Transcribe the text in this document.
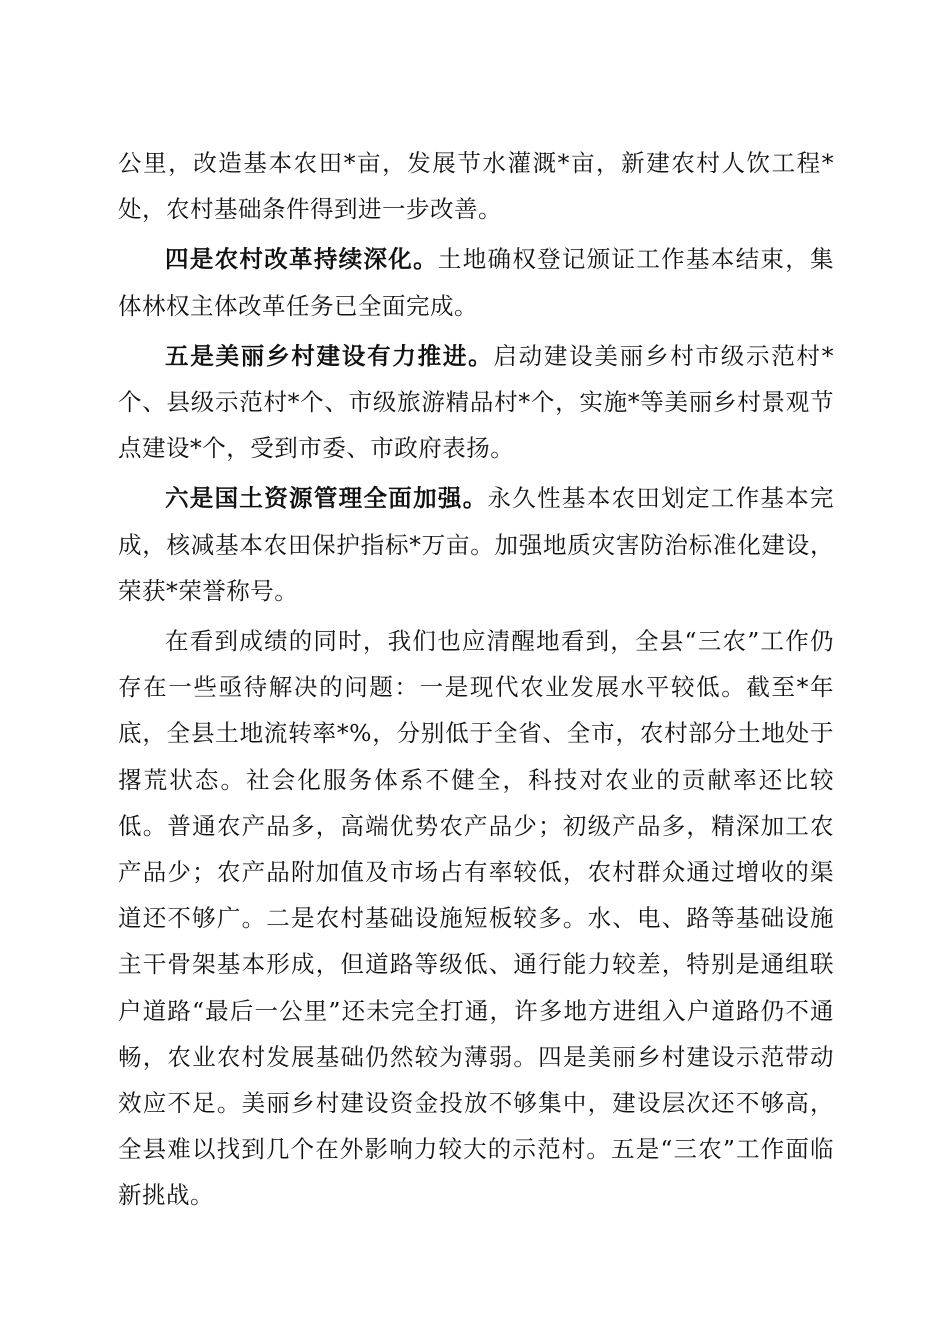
公里，改造基本农田*亩，发展节水灌溉*亩，新建农村人饮工程*处，农村基础条件得到进一步改善。

四是农村改革持续深化。土地确权登记颁证工作基本结束，集体林权主体改革任务已全面完成。

五是美丽乡村建设有力推进。启动建设美丽乡村市级示范村*个、县级示范村*个、市级旅游精品村*个，实施*等美丽乡村景观节点建设*个，受到市委、市政府表扬。

六是国土资源管理全面加强。永久性基本农田划定工作基本完成，核减基本农田保护指标*万亩。加强地质灾害防治标准化建设，荣获*荣誉称号。

在看到成绩的同时，我们也应清醒地看到，全县“三农”工作仍存在一些亟待解决的问题：一是现代农业发展水平较低。截至*年底，全县土地流转率*%，分别低于全省、全市，农村部分土地处于撂荒状态。社会化服务体系不健全，科技对农业的贡献率还比较低。普通农产品多，高端优势农产品少；初级产品多，精深加工农产品少；农产品附加值及市场占有率较低，农村群众通过增收的渠道还不够广。二是农村基础设施短板较多。水、电、路等基础设施主干骨架基本形成，但道路等级低、通行能力较差，特别是通组联户道路“最后一公里”还未完全打通，许多地方进组入户道路仍不通畅，农业农村发展基础仍然较为薄弱。四是美丽乡村建设示范带动效应不足。美丽乡村建设资金投放不够集中，建设层次还不够高，全县难以找到几个在外影响力较大的示范村。五是“三农”工作面临新挑战。
